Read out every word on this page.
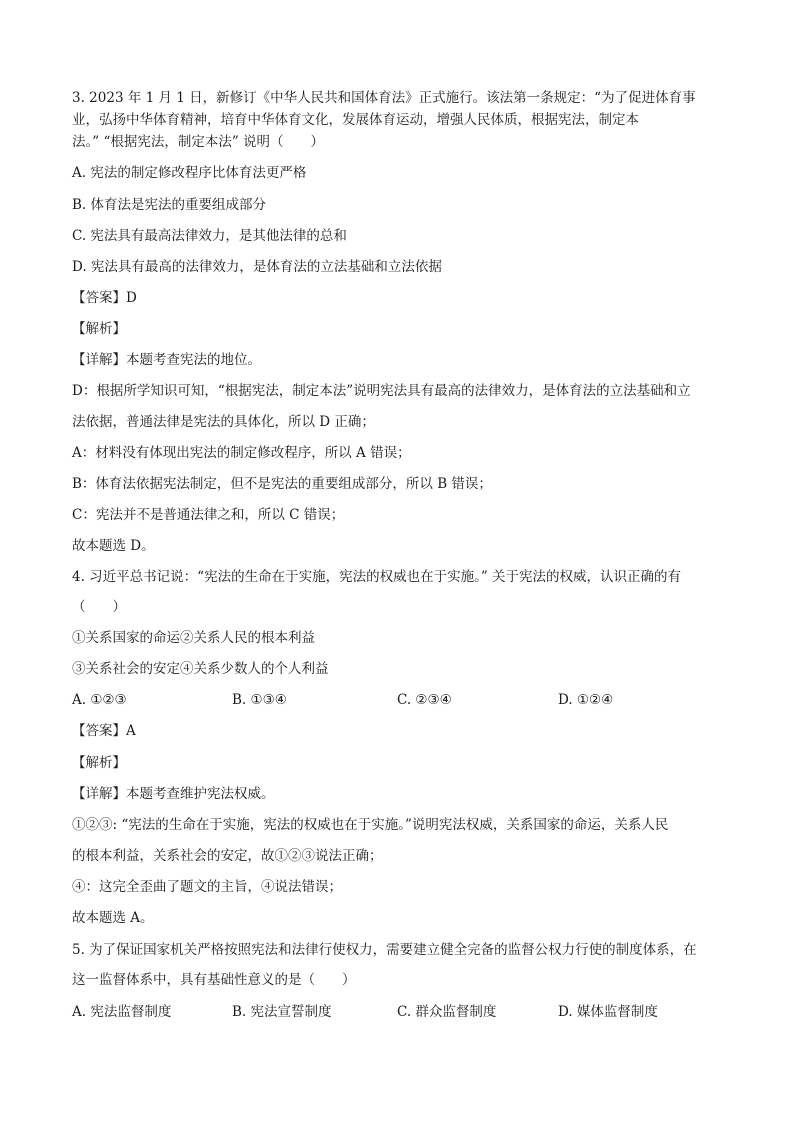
3. 2023 年 1 月 1 日，新修订《中华人民共和国体育法》正式施行。该法第一条规定：“为了促进体育事
业，弘扬中华体育精神，培育中华体育文化，发展体育运动，增强人民体质，根据宪法，制定本
法。” “根据宪法，制定本法” 说明（　　）
A. 宪法的制定修改程序比体育法更严格
B. 体育法是宪法的重要组成部分
C. 宪法具有最高法律效力，是其他法律的总和
D. 宪法具有最高的法律效力，是体育法的立法基础和立法依据
【答案】D
【解析】
【详解】本题考查宪法的地位。
D：根据所学知识可知，“根据宪法，制定本法”说明宪法具有最高的法律效力，是体育法的立法基础和立
法依据，普通法律是宪法的具体化，所以 D 正确；
A：材料没有体现出宪法的制定修改程序，所以 A 错误；
B：体育法依据宪法制定，但不是宪法的重要组成部分，所以 B 错误；
C：宪法并不是普通法律之和，所以 C 错误；
故本题选 D。
4. 习近平总书记说：“宪法的生命在于实施，宪法的权威也在于实施。” 关于宪法的权威，认识正确的有
（　　）
①关系国家的命运②关系人民的根本利益
③关系社会的安定④关系少数人的个人利益
A. ①②③	B. ①③④	C. ②③④	D. ①②④
【答案】A
【解析】
【详解】本题考查维护宪法权威。
①②③: “宪法的生命在于实施，宪法的权威也在于实施。”说明宪法权威，关系国家的命运，关系人民
的根本利益，关系社会的安定，故①②③说法正确；
④：这完全歪曲了题文的主旨，④说法错误；
故本题选 A。
5. 为了保证国家机关严格按照宪法和法律行使权力，需要建立健全完备的监督公权力行使的制度体系，在
这一监督体系中，具有基础性意义的是（　　）
A. 宪法监督制度	B. 宪法宣誓制度	C. 群众监督制度	D. 媒体监督制度
